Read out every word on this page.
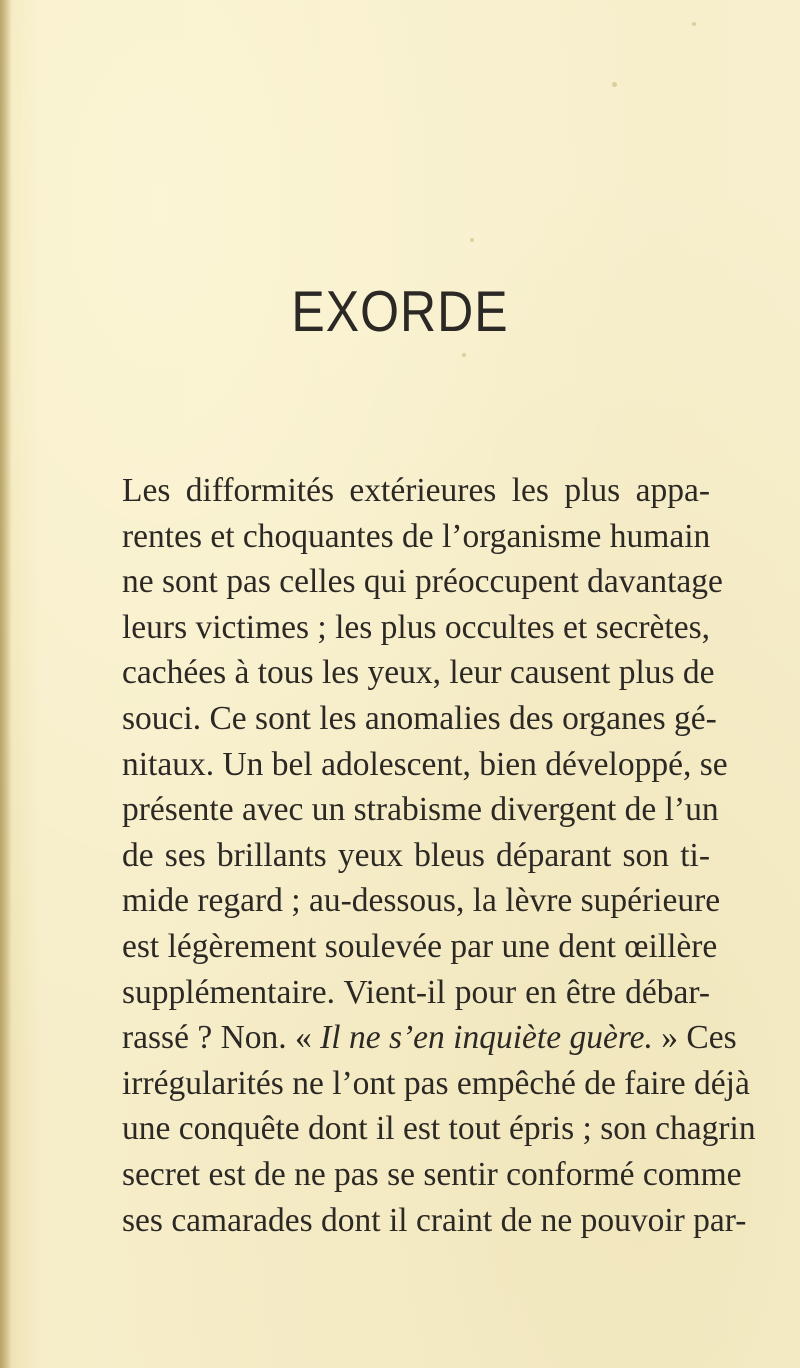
EXORDE
Les difformités extérieures les plus appa-
rentes et choquantes de l’organisme humain
ne sont pas celles qui préoccupent davantage
leurs victimes ; les plus occultes et secrètes,
cachées à tous les yeux, leur causent plus de
souci. Ce sont les anomalies des organes gé-
nitaux. Un bel adolescent, bien développé, se
présente avec un strabisme divergent de l’un
de ses brillants yeux bleus déparant son ti-
mide regard ; au-dessous, la lèvre supérieure
est légèrement soulevée par une dent œillère
supplémentaire. Vient-il pour en être débar-
rassé ? Non. « Il ne s’en inquiète guère. » Ces
irrégularités ne l’ont pas empêché de faire déjà
une conquête dont il est tout épris ; son chagrin
secret est de ne pas se sentir conformé comme
ses camarades dont il craint de ne pouvoir par-
